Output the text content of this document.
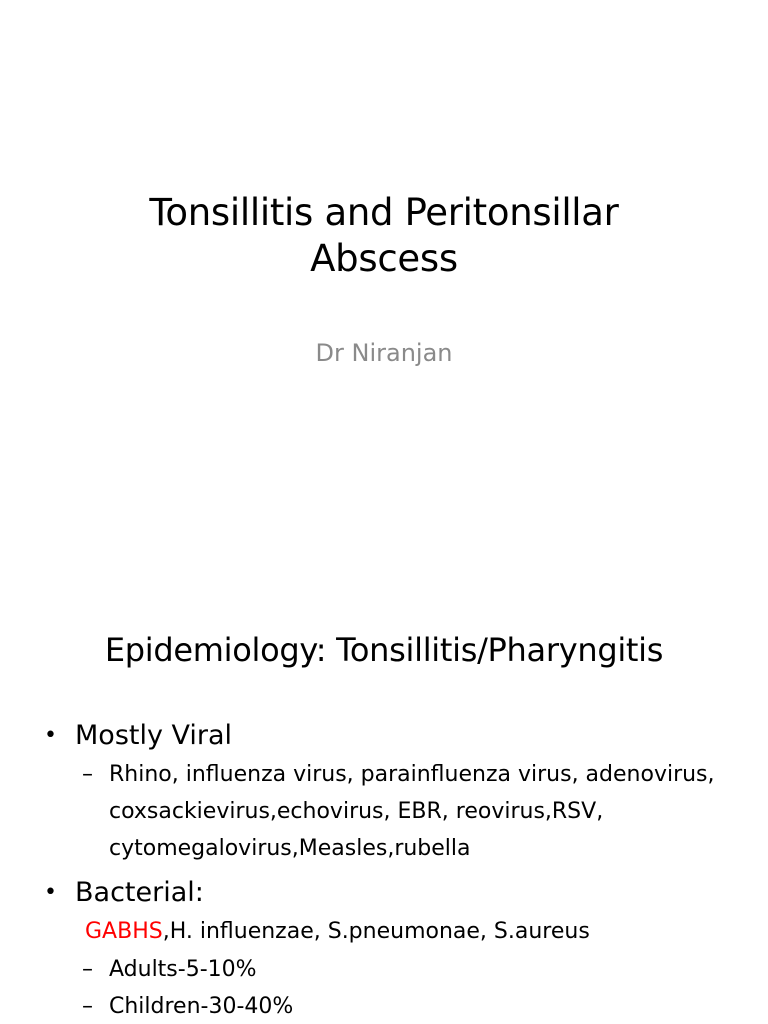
Tonsillitis and Peritonsillar
Abscess
Dr Niranjan
Epidemiology: Tonsillitis/Pharyngitis
• Mostly Viral
– Rhino, influenza virus, parainfluenza virus, adenovirus, coxsackievirus,echovirus, EBR, reovirus,RSV, cytomegalovirus,Measles,rubella
• Bacterial:
GABHS,H. influenzae, S.pneumonae, S.aureus
– Adults-5-10%
– Children-30-40%
